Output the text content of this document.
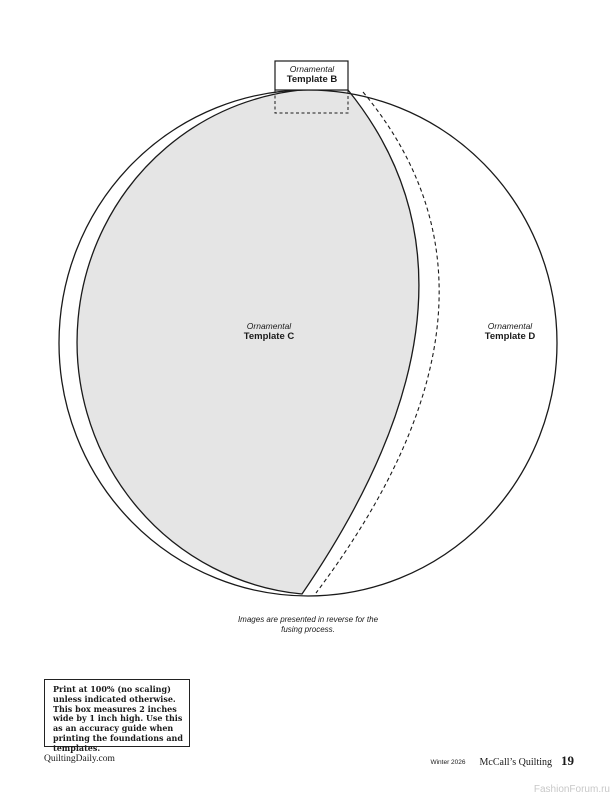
Ornamental
Template B
Ornamental
Template C
Ornamental
Template D
Images are presented in reverse for the fusing process.
Print at 100% (no scaling) unless indicated otherwise. This box measures 2 inches wide by 1 inch high. Use this as an accuracy guide when printing the foundations and templates.
QuiltingDaily.com	Winter 2026 McCall’s Quilting 19
FashionForum.ru
